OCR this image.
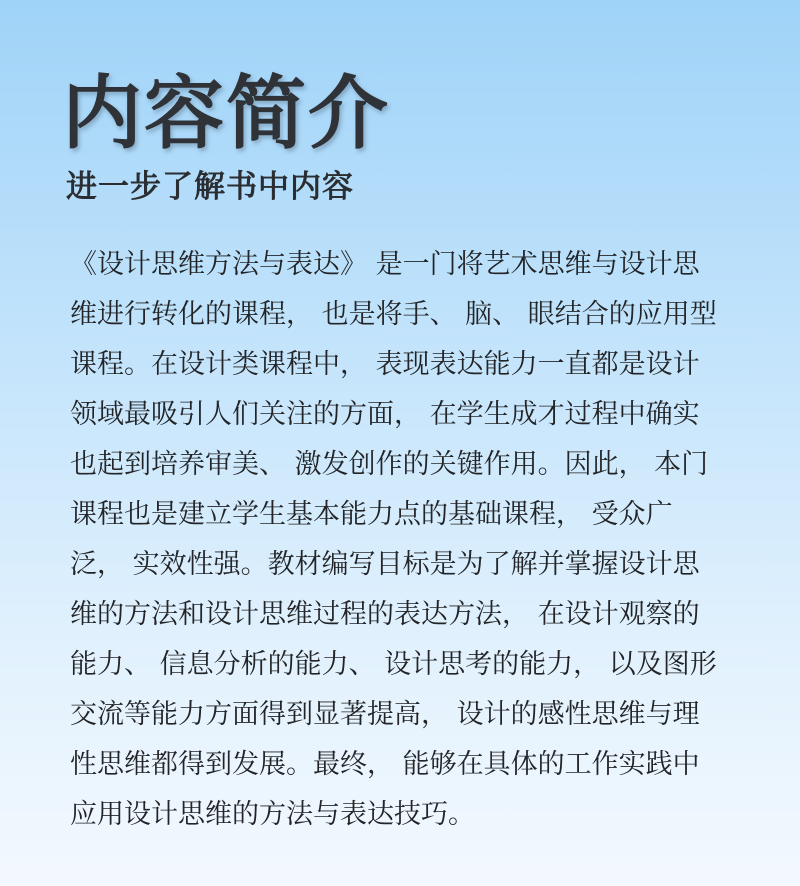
内容简介
进一步了解书中内容
《设计思维方法与表达》 是一门将艺术思维与设计思
维进行转化的课程， 也是将手、 脑、 眼结合的应用型
课程。在设计类课程中， 表现表达能力一直都是设计
领域最吸引人们关注的方面， 在学生成才过程中确实
也起到培养审美、 激发创作的关键作用。因此， 本门
课程也是建立学生基本能力点的基础课程， 受众广
泛， 实效性强。教材编写目标是为了解并掌握设计思
维的方法和设计思维过程的表达方法， 在设计观察的
能力、 信息分析的能力、 设计思考的能力， 以及图形
交流等能力方面得到显著提高， 设计的感性思维与理
性思维都得到发展。最终， 能够在具体的工作实践中
应用设计思维的方法与表达技巧。
